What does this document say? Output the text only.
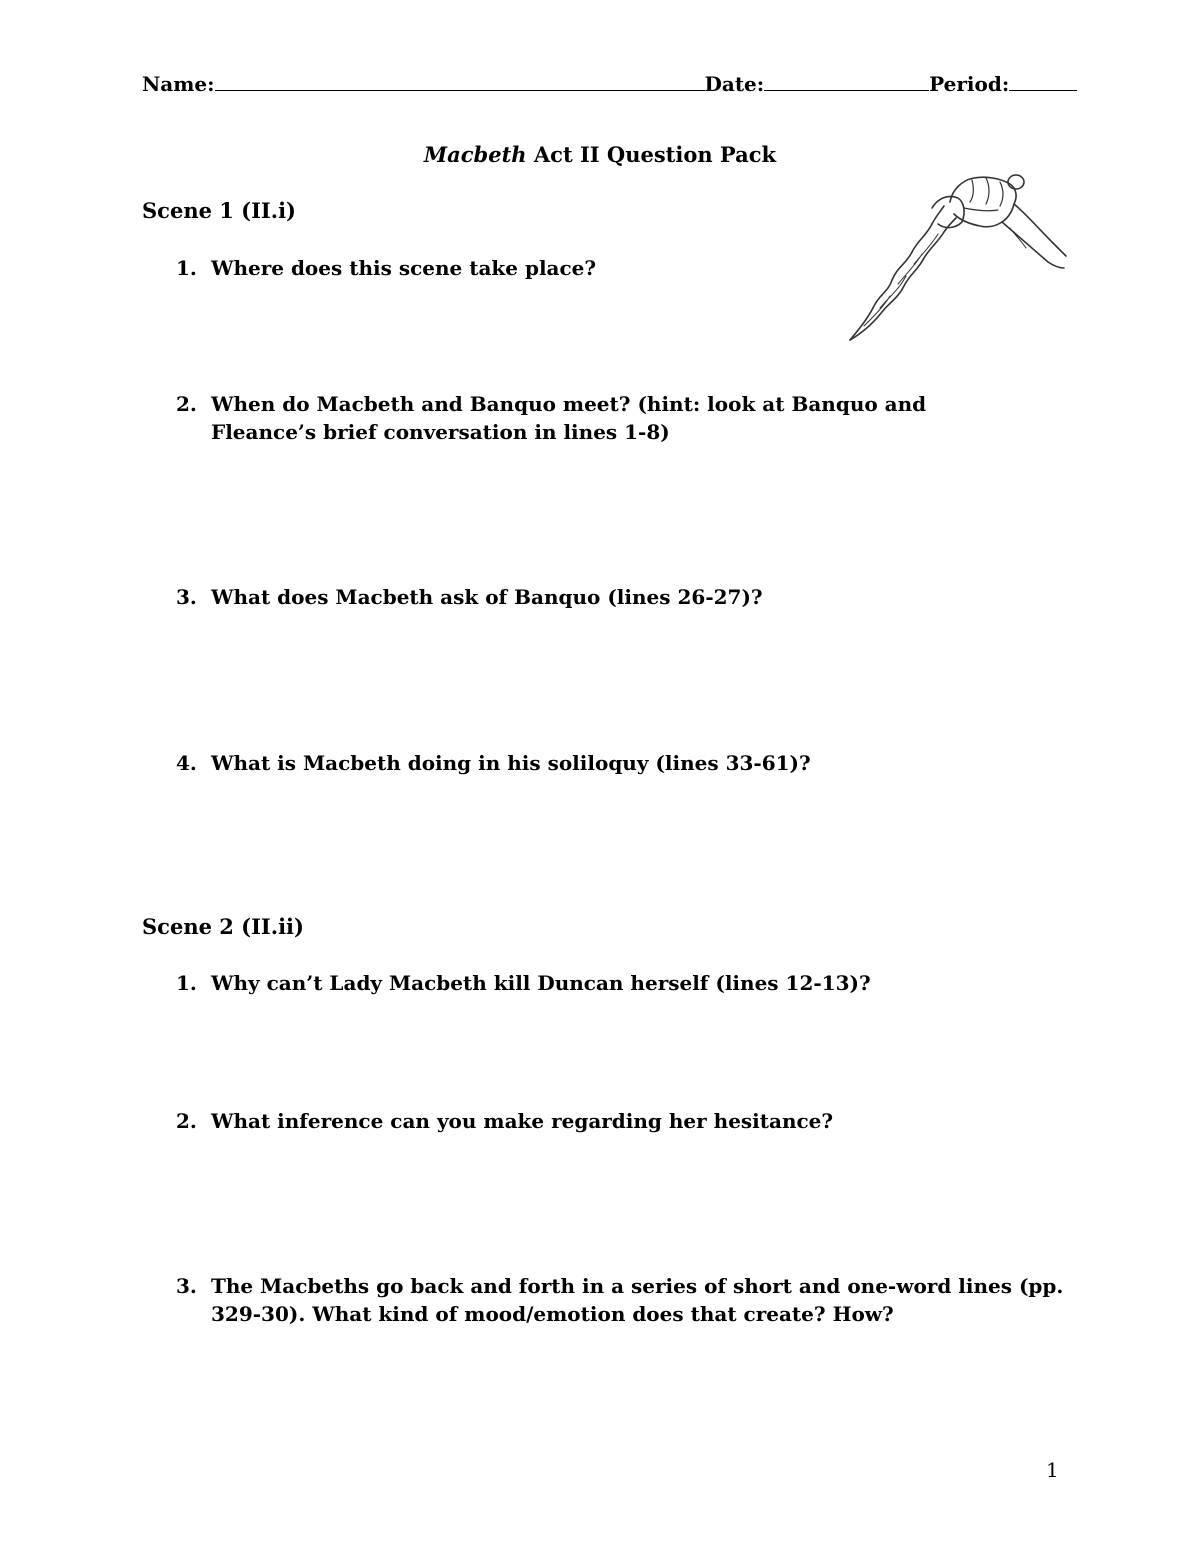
Name:	Date:	Period:
Macbeth Act II Question Pack
Scene 1 (II.i)
1. Where does this scene take place?
2. When do Macbeth and Banquo meet? (hint: look at Banquo and Fleance’s brief conversation in lines 1-8)
3. What does Macbeth ask of Banquo (lines 26-27)?
4. What is Macbeth doing in his soliloquy (lines 33-61)?
Scene 2 (II.ii)
1. Why can’t Lady Macbeth kill Duncan herself (lines 12-13)?
2. What inference can you make regarding her hesitance?
3. The Macbeths go back and forth in a series of short and one-word lines (pp. 329-30). What kind of mood/emotion does that create? How?
1
